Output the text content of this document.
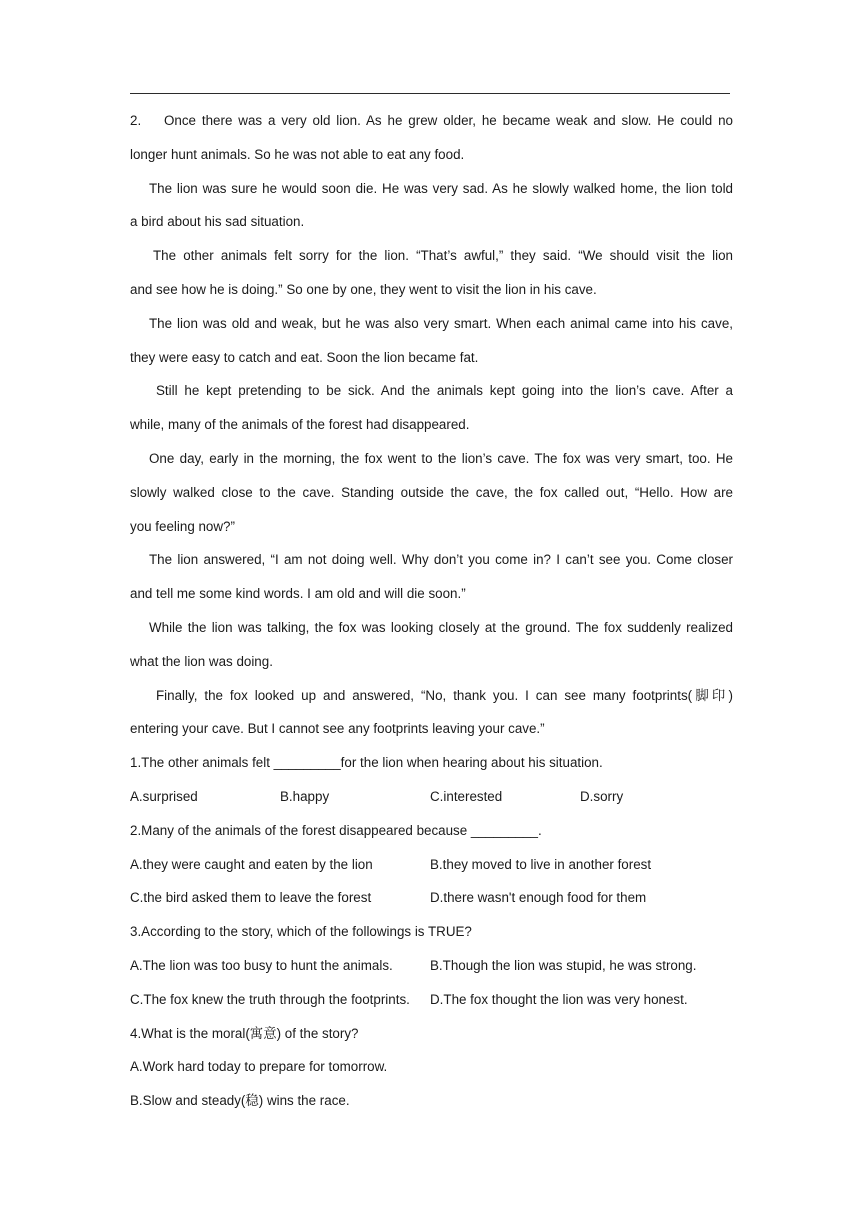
2. Once there was a very old lion. As he grew older, he became weak and slow. He could no
longer hunt animals. So he was not able to eat any food.
The lion was sure he would soon die. He was very sad. As he slowly walked home, the lion told
a bird about his sad situation.
The other animals felt sorry for the lion. “That’s awful,” they said. “We should visit the lion
and see how he is doing.” So one by one, they went to visit the lion in his cave.
The lion was old and weak, but he was also very smart. When each animal came into his cave,
they were easy to catch and eat. Soon the lion became fat.
Still he kept pretending to be sick. And the animals kept going into the lion’s cave. After a
while, many of the animals of the forest had disappeared.
One day, early in the morning, the fox went to the lion’s cave. The fox was very smart, too. He
slowly walked close to the cave. Standing outside the cave, the fox called out, “Hello. How are
you feeling now?”
The lion answered, “I am not doing well. Why don’t you come in? I can’t see you. Come closer
and tell me some kind words. I am old and will die soon.”
While the lion was talking, the fox was looking closely at the ground. The fox suddenly realized
what the lion was doing.
Finally, the fox looked up and answered, “No, thank you. I can see many footprints(脚印)
entering your cave. But I cannot see any footprints leaving your cave.”
1.The other animals felt _________for the lion when hearing about his situation.
A.surprised	B.happy	C.interested	D.sorry
2.Many of the animals of the forest disappeared because _________.
A.they were caught and eaten by the lion	B.they moved to live in another forest
C.the bird asked them to leave the forest	D.there wasn't enough food for them
3.According to the story, which of the followings is TRUE?
A.The lion was too busy to hunt the animals.	B.Though the lion was stupid, he was strong.
C.The fox knew the truth through the footprints.	D.The fox thought the lion was very honest.
4.What is the moral(寓意) of the story?
A.Work hard today to prepare for tomorrow.
B.Slow and steady(稳) wins the race.
